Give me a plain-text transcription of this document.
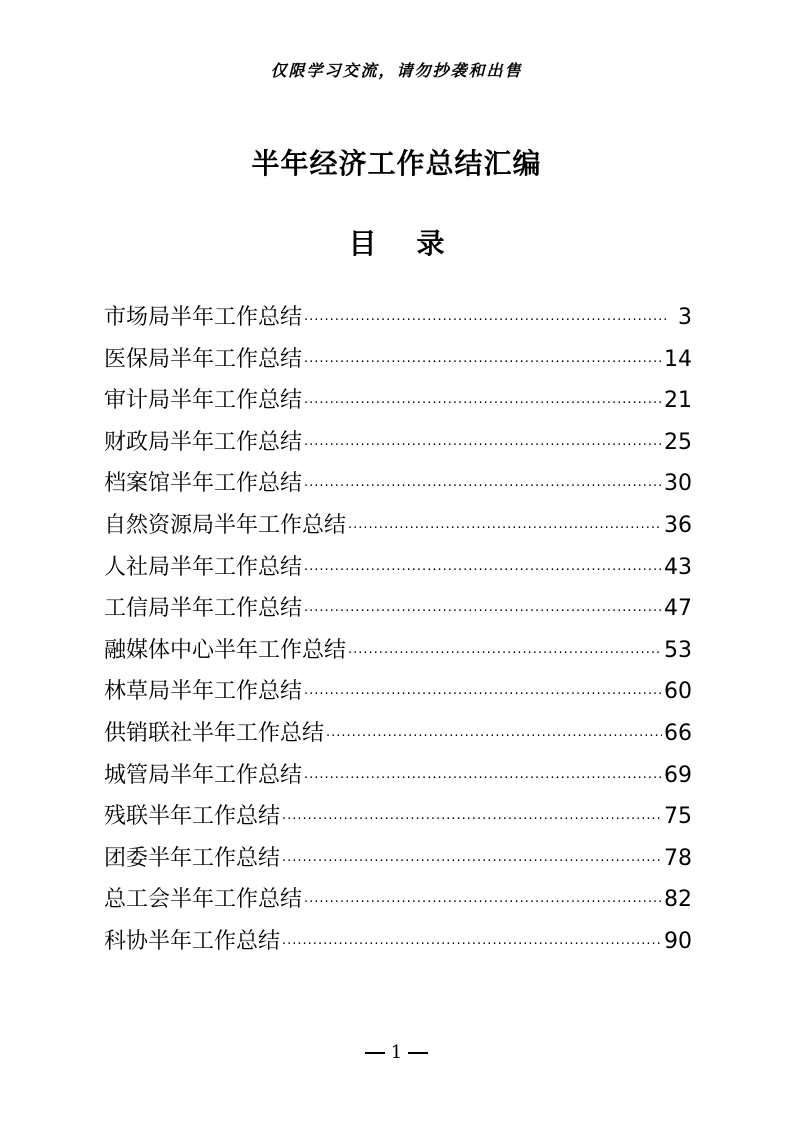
仅限学习交流，请勿抄袭和出售
半年经济工作总结汇编
目 录
市场局半年工作总结 ·····	3
医保局半年工作总结 ·····	14
审计局半年工作总结 ·····	21
财政局半年工作总结 ·····	25
档案馆半年工作总结 ·····	30
自然资源局半年工作总结 ·····	36
人社局半年工作总结 ·····	43
工信局半年工作总结 ·····	47
融媒体中心半年工作总结 ·····	53
林草局半年工作总结 ·····	60
供销联社半年工作总结 ·····	66
城管局半年工作总结 ·····	69
残联半年工作总结 ·····	75
团委半年工作总结 ·····	78
总工会半年工作总结 ·····	82
科协半年工作总结 ·····	90
1
